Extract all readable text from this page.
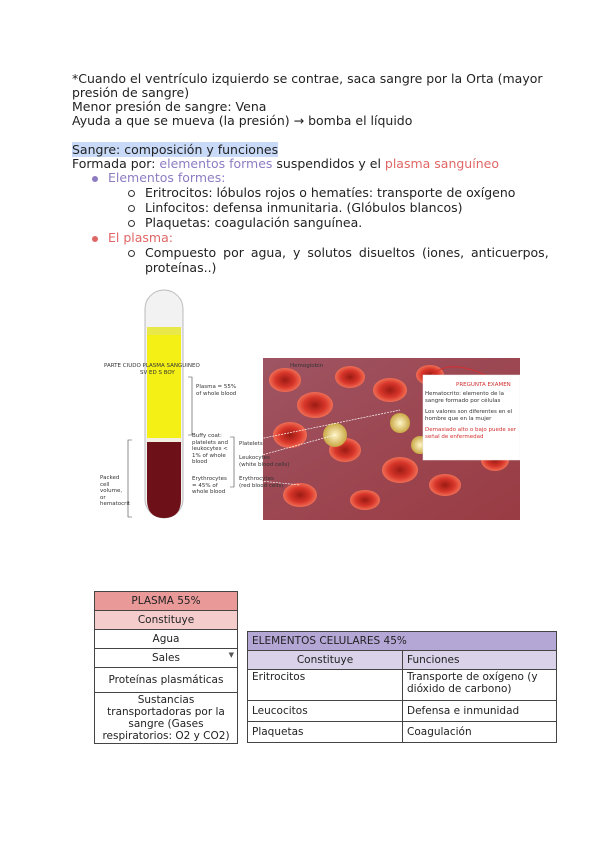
*Cuando el ventrículo izquierdo se contrae, saca sangre por la Orta (mayor
presión de sangre)
Menor presión de sangre: Vena
Ayuda a que se mueva (la presión) → bomba el líquido
Sangre: composición y funciones
Formada por: elementos formes suspendidos y el plasma sanguíneo
Elementos formes:
Eritrocitos: lóbulos rojos o hematíes: transporte de oxígeno
Linfocitos: defensa inmunitaria. (Glóbulos blancos)
Plaquetas: coagulación sanguínea.
El plasma:
Compuesto por agua, y solutos disueltos (iones, anticuerpos,
proteínas..)
PARTE CIUDO PLASMA SANGUINEO
SV ED S BOY
Plasma = 55%
of whole blood
Buffy coat: platelets and leukocytes < 1% of whole blood
Platelets
Leukocytes
(white blood cells)
Erythrocytes
(red blood cells)
Erythrocytes = 45% of whole blood
Packed cell volume, or hematocrit
Hemoglobin
PREGUNTA EXAMEN
Hematocrito: elemento de la sangre formado por células
Los valores son diferentes en el hombre que en la mujer
Demasiado alto o bajo puede ser señal de enfermedad
PLASMA 55%
Constituye
Agua
Sales	▼

Proteínas plasmáticas
Sustancias transportadoras por la sangre (Gases respiratorios: O2 y CO2)
ELEMENTOS CELULARES 45%	
Constituye	Funciones
Eritrocitos	Transporte de oxígeno (y dióxido de carbono)
Leucocitos	Defensa e inmunidad
Plaquetas	Coagulación
